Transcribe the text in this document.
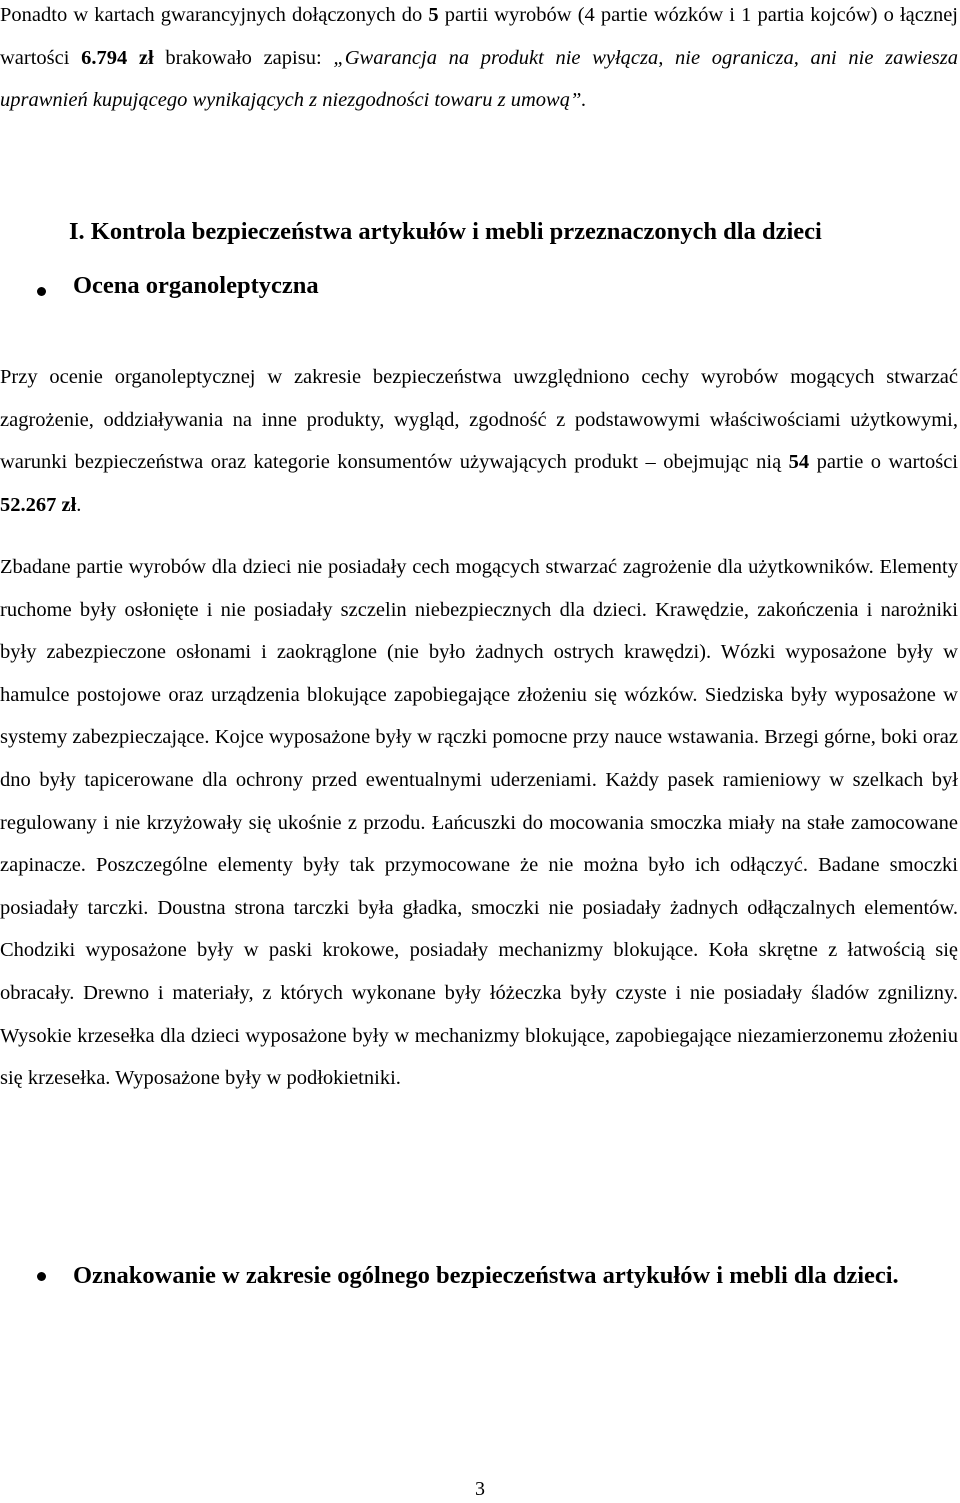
Ponadto w kartach gwarancyjnych dołączonych do 5 partii wyrobów (4 partie wózków i 1 partia kojców) o łącznej wartości 6.794 zł brakowało zapisu: „Gwarancja na produkt nie wyłącza, nie ogranicza, ani nie zawiesza uprawnień kupującego wynikających z niezgodności towaru z umową”.

I. Kontrola bezpieczeństwa artykułów i mebli przeznaczonych dla dzieci
Ocena organoleptyczna

Przy ocenie organoleptycznej w zakresie bezpieczeństwa uwzględniono cechy wyrobów mogących stwarzać zagrożenie, oddziaływania na inne produkty, wygląd, zgodność z podstawowymi właściwościami użytkowymi, warunki bezpieczeństwa oraz kategorie konsumentów używających produkt – obejmując nią 54 partie o wartości 52.267 zł.

Zbadane partie wyrobów dla dzieci nie posiadały cech mogących stwarzać zagrożenie dla użytkowników. Elementy ruchome były osłonięte i nie posiadały szczelin niebezpiecznych dla dzieci. Krawędzie, zakończenia i narożniki były zabezpieczone osłonami i zaokrąglone (nie było żadnych ostrych krawędzi). Wózki wyposażone były w hamulce postojowe oraz urządzenia blokujące zapobiegające złożeniu się wózków. Siedziska były wyposażone w systemy zabezpieczające. Kojce wyposażone były w rączki pomocne przy nauce wstawania. Brzegi górne, boki oraz dno były tapicerowane dla ochrony przed ewentualnymi uderzeniami. Każdy pasek ramieniowy w szelkach był regulowany i nie krzyżowały się ukośnie z przodu. Łańcuszki do mocowania smoczka miały na stałe zamocowane zapinacze. Poszczególne elementy były tak przymocowane że nie można było ich odłączyć. Badane smoczki posiadały tarczki. Doustna strona tarczki była gładka, smoczki nie posiadały żadnych odłączalnych elementów. Chodziki wyposażone były w paski krokowe, posiadały mechanizmy blokujące. Koła skrętne z łatwością się obracały. Drewno i materiały, z których wykonane były łóżeczka były czyste i nie posiadały śladów zgnilizny. Wysokie krzesełka dla dzieci wyposażone były w mechanizmy blokujące, zapobiegające niezamierzonemu złożeniu się krzesełka. Wyposażone były w podłokietniki.

Oznakowanie w zakresie ogólnego bezpieczeństwa artykułów i mebli dla dzieci.

3
